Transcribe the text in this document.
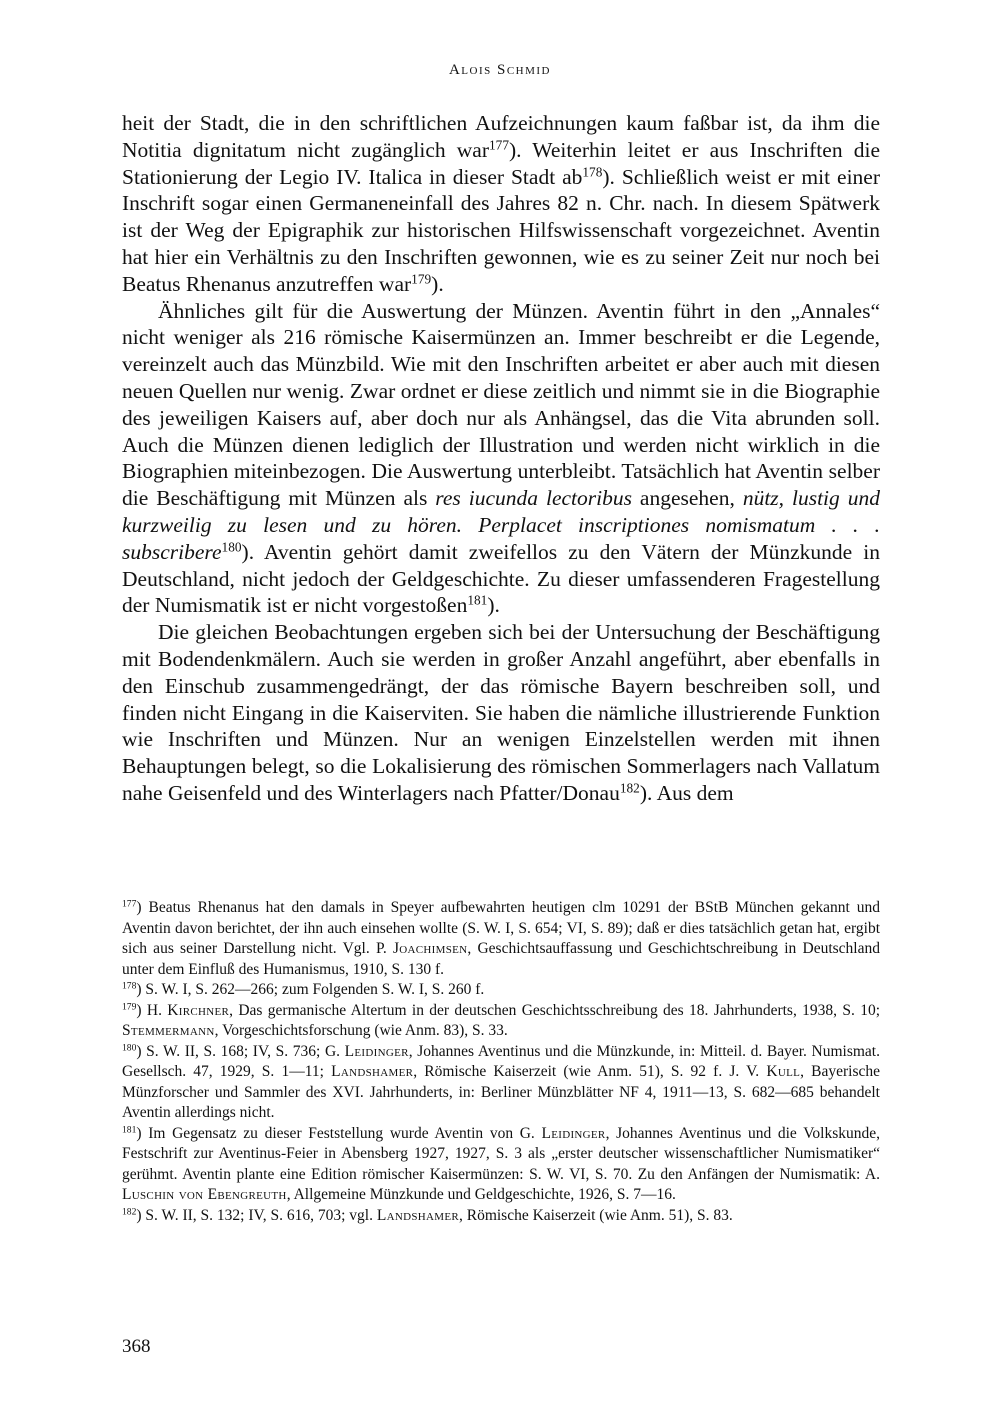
Alois Schmid

heit der Stadt, die in den schriftlichen Aufzeichnungen kaum faßbar ist, da ihm die Notitia dignitatum nicht zugänglich war$^{177}$). Weiterhin leitet er aus Inschriften die Stationierung der Legio IV. Italica in dieser Stadt $ab^{178}$). Schließlich weist er mit einer Inschrift sogar einen Germaneneinfall des Jahres 82 n. Chr. nach. In diesem Spätwerk ist der Weg der Epigraphik zur historischen Hilfswissenschaft vorgezeichnet. Aventin hat hier ein Verhältnis zu den Inschriften gewonnen, wie es zu seiner Zeit nur noch bei Beatus Rhenanus anzutreffen war$^{179}$).

Ähnliches gilt für die Auswertung der Münzen. Aventin führt in den „Annales“ nicht weniger als 216 römische Kaisermünzen an. Immer beschreibt er die Legende, vereinzelt auch das Münzbild. Wie mit den Inschriften arbeitet er aber auch mit diesen neuen Quellen nur wenig. Zwar ordnet er diese zeitlich und nimmt sie in die Biographie des jeweiligen Kaisers auf, aber doch nur als Anhängsel, das die Vita abrunden soll. Auch die Münzen dienen lediglich der Illustration und werden nicht wirklich in die Biographien miteinbezogen. Die Auswertung unterbleibt. Tatsächlich hat Aventin selber die Beschäftigung mit Münzen als res iucunda lectoribus angesehen, nütz, lustig und kurzweilig zu lesen und zu hören. Perplacet inscriptiones nomismatum . . . subscribere$^{180}$). Aventin gehört damit zweifellos zu den Vätern der Münzkunde in Deutschland, nicht jedoch der Geldgeschichte. Zu dieser umfassenderen Fragestellung der Numismatik ist er nicht vorgestoßen$^{181}$).

Die gleichen Beobachtungen ergeben sich bei der Untersuchung der Beschäftigung mit Bodendenkmälern. Auch sie werden in großer Anzahl angeführt, aber ebenfalls in den Einschub zusammengedrängt, der das römische Bayern beschreiben soll, und finden nicht Eingang in die Kaiserviten. Sie haben die nämliche illustrierende Funktion wie Inschriften und Münzen. Nur an wenigen Einzelstellen werden mit ihnen Behauptungen belegt, so die Lokalisierung des römischen Sommerlagers nach Vallatum nahe Geisenfeld und des Winterlagers nach Pfatter/Donau$^{182}$). Aus dem

$^{177}$) Beatus Rhenanus hat den damals in Speyer aufbewahrten heutigen clm 10291 der BStB München gekannt und Aventin davon berichtet, der ihn auch einsehen wollte (S. W. I, S. 654; VI, S. 89); daß er dies tatsächlich getan hat, ergibt sich aus seiner Darstellung nicht. Vgl. P. Joachimsen, Geschichtsauffassung und Geschichtschreibung in Deutschland unter dem Einfluß des Humanismus, 1910, S. 130 f.

$^{178}$) S. W. I, S. 262—266; zum Folgenden S. W. I, S. 260 f.

$^{179}$) H. Kirchner, Das germanische Altertum in der deutschen Geschichtsschreibung des 18. Jahrhunderts, 1938, S. 10; Stemmermann, Vorgeschichtsforschung (wie Anm. 83), S. 33.

$^{180}$) S. W. II, S. 168; IV, S. 736; G. Leidinger, Johannes Aventinus und die Münzkunde, in: Mitteil. d. Bayer. Numismat. Gesellsch. 47, 1929, S. 1—11; Landshamer, Römische Kaiserzeit (wie Anm. 51), S. 92 f. J. V. Kull, Bayerische Münzforscher und Sammler des XVI. Jahrhunderts, in: Berliner Münzblätter NF 4, 1911—13, S. 682—685 behandelt Aventin allerdings nicht.

$^{181}$) Im Gegensatz zu dieser Feststellung wurde Aventin von G. Leidinger, Johannes Aventinus und die Volkskunde, Festschrift zur Aventinus-Feier in Abensberg 1927, 1927, S. 3 als „erster deutscher wissenschaftlicher Numismatiker“ gerühmt. Aventin plante eine Edition römischer Kaisermünzen: S. W. VI, S. 70. Zu den Anfängen der Numismatik: A. Luschin von Ebengreuth, Allgemeine Münzkunde und Geldgeschichte, 1926, S. 7—16.

$^{182}$) S. W. II, S. 132; IV, S. 616, 703; vgl. Landshamer, Römische Kaiserzeit (wie Anm. 51), S. 83.

368
